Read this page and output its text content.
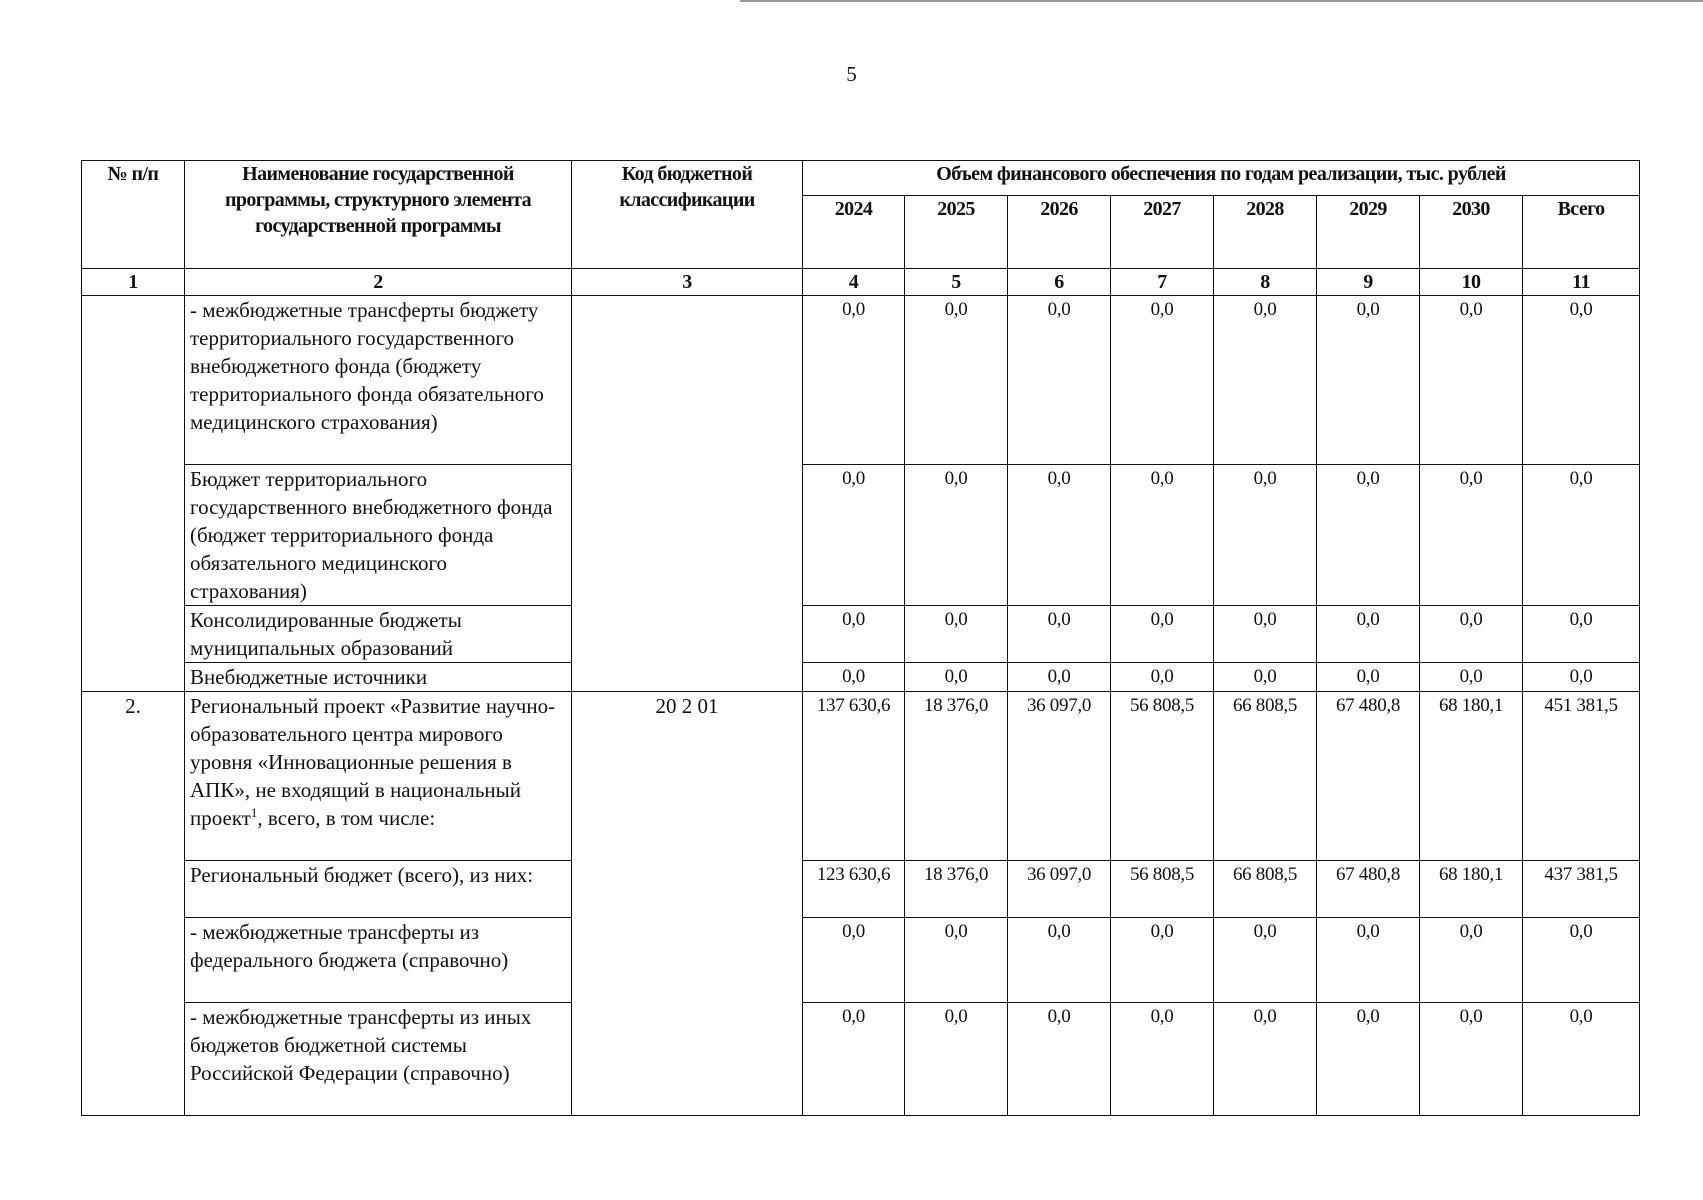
5
№ п/п	Наименование государственной программы, структурного элемента государственной программы	Код бюджетной классификации	Объем финансового обеспечения по годам реализации, тыс. рублей							
			2024	2025	2026	2027	2028	2029	2030	Всего
1	2	3	4	5	6	7	8	9	10	11
	- межбюджетные трансферты бюджету территориального государственного внебюджетного фонда (бюджету территориального фонда обязательного медицинского страхования)		0,0	0,0	0,0	0,0	0,0	0,0	0,0	0,0
	Бюджет территориального государственного внебюджетного фонда (бюджет территориального фонда обязательного медицинского страхования)		0,0	0,0	0,0	0,0	0,0	0,0	0,0	0,0
	Консолидированные бюджеты муниципальных образований		0,0	0,0	0,0	0,0	0,0	0,0	0,0	0,0
	Внебюджетные источники		0,0	0,0	0,0	0,0	0,0	0,0	0,0	0,0
2.	Региональный проект «Развитие научно-образовательного центра мирового уровня «Инновационные решения в АПК», не входящий в национальный проект$^1$, всего, в том числе:	20 2 01	137 630,6	18 376,0	36 097,0	56 808,5	66 808,5	67 480,8	68 180,1	451 381,5
	Региональный бюджет (всего), из них:		123 630,6	18 376,0	36 097,0	56 808,5	66 808,5	67 480,8	68 180,1	437 381,5
	- межбюджетные трансферты из федерального бюджета (справочно)		0,0	0,0	0,0	0,0	0,0	0,0	0,0	0,0
	- межбюджетные трансферты из иных бюджетов бюджетной системы Российской Федерации (справочно)		0,0	0,0	0,0	0,0	0,0	0,0	0,0	0,0
